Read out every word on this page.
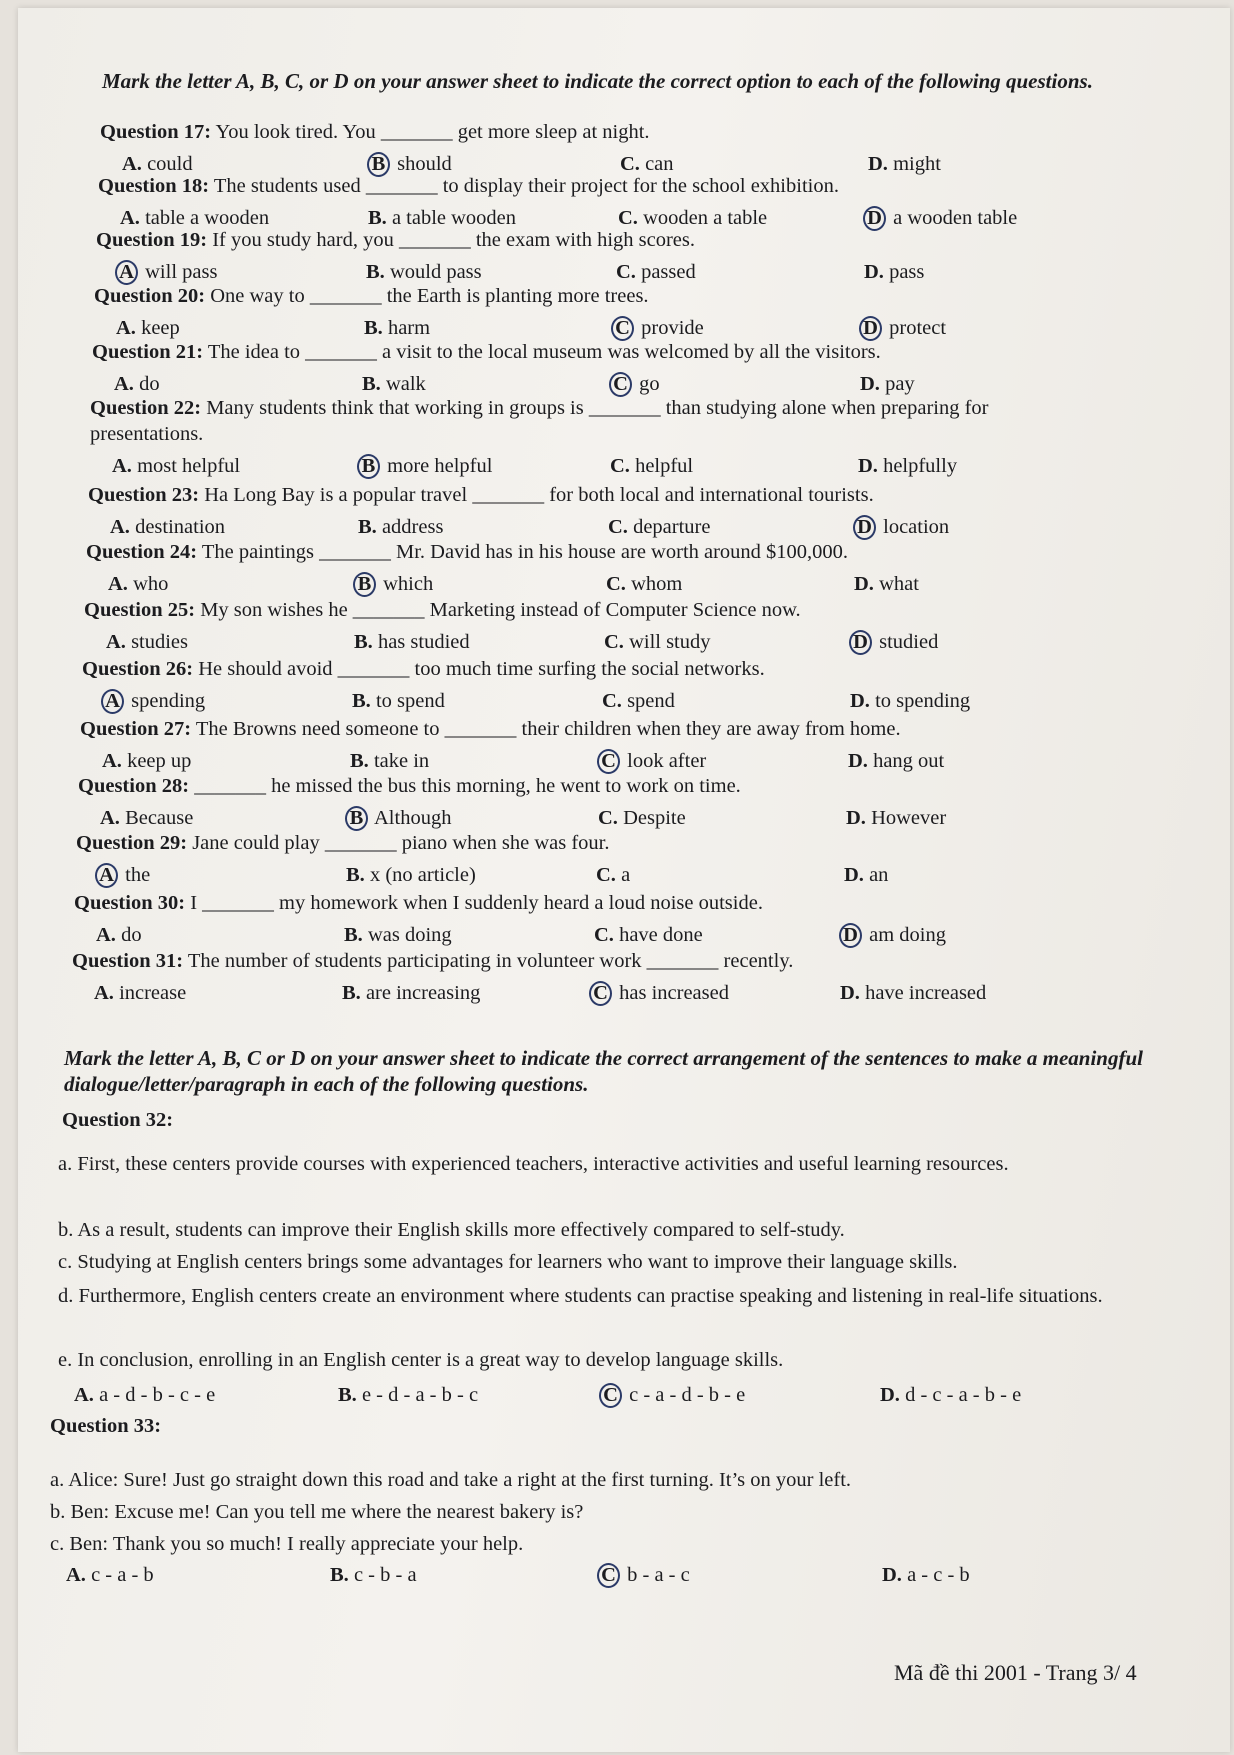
Mark the letter A, B, C, or D on your answer sheet to indicate the correct option to each of the following questions.
Question 17: You look tired. You _______ get more sleep at night.
A. could	B should	C. can	D. might
Question 18: The students used _______ to display their project for the school exhibition.
A. table a wooden	B. a table wooden	C. wooden a table	D a wooden table
Question 19: If you study hard, you _______ the exam with high scores.
A will pass	B. would pass	C. passed	D. pass
Question 20: One way to _______ the Earth is planting more trees.
A. keep	B. harm	C provide	D protect
Question 21: The idea to _______ a visit to the local museum was welcomed by all the visitors.
A. do	B. walk	C go	D. pay
Question 22: Many students think that working in groups is _______ than studying alone when preparing for
presentations.
A. most helpful	B more helpful	C. helpful	D. helpfully
Question 23: Ha Long Bay is a popular travel _______ for both local and international tourists.
A. destination	B. address	C. departure	D location
Question 24: The paintings _______ Mr. David has in his house are worth around $100,000.
A. who	B which	C. whom	D. what
Question 25: My son wishes he _______ Marketing instead of Computer Science now.
A. studies	B. has studied	C. will study	D studied
Question 26: He should avoid _______ too much time surfing the social networks.
A spending	B. to spend	C. spend	D. to spending
Question 27: The Browns need someone to _______ their children when they are away from home.
A. keep up	B. take in	C look after	D. hang out
Question 28: _______ he missed the bus this morning, he went to work on time.
A. Because	B Although	C. Despite	D. However
Question 29: Jane could play _______ piano when she was four.
A the	B. x (no article)	C. a	D. an
Question 30: I _______ my homework when I suddenly heard a loud noise outside.
A. do	B. was doing	C. have done	D am doing
Question 31: The number of students participating in volunteer work _______ recently.
A. increase	B. are increasing	C has increased	D. have increased
Mark the letter A, B, C or D on your answer sheet to indicate the correct arrangement of the sentences to make a meaningful dialogue/letter/paragraph in each of the following questions.
Question 32:
a. First, these centers provide courses with experienced teachers, interactive activities and useful learning resources.
b. As a result, students can improve their English skills more effectively compared to self-study.
c. Studying at English centers brings some advantages for learners who want to improve their language skills.
d. Furthermore, English centers create an environment where students can practise speaking and listening in real-life situations.
e. In conclusion, enrolling in an English center is a great way to develop language skills.
A. a - d - b - c - e	B. e - d - a - b - c	C c - a - d - b - e	D. d - c - a - b - e
Question 33:
a. Alice: Sure! Just go straight down this road and take a right at the first turning. It’s on your left.
b. Ben: Excuse me! Can you tell me where the nearest bakery is?
c. Ben: Thank you so much! I really appreciate your help.
A. c - a - b	B. c - b - a	C b - a - c	D. a - c - b
Mã đề thi 2001 - Trang 3/ 4
